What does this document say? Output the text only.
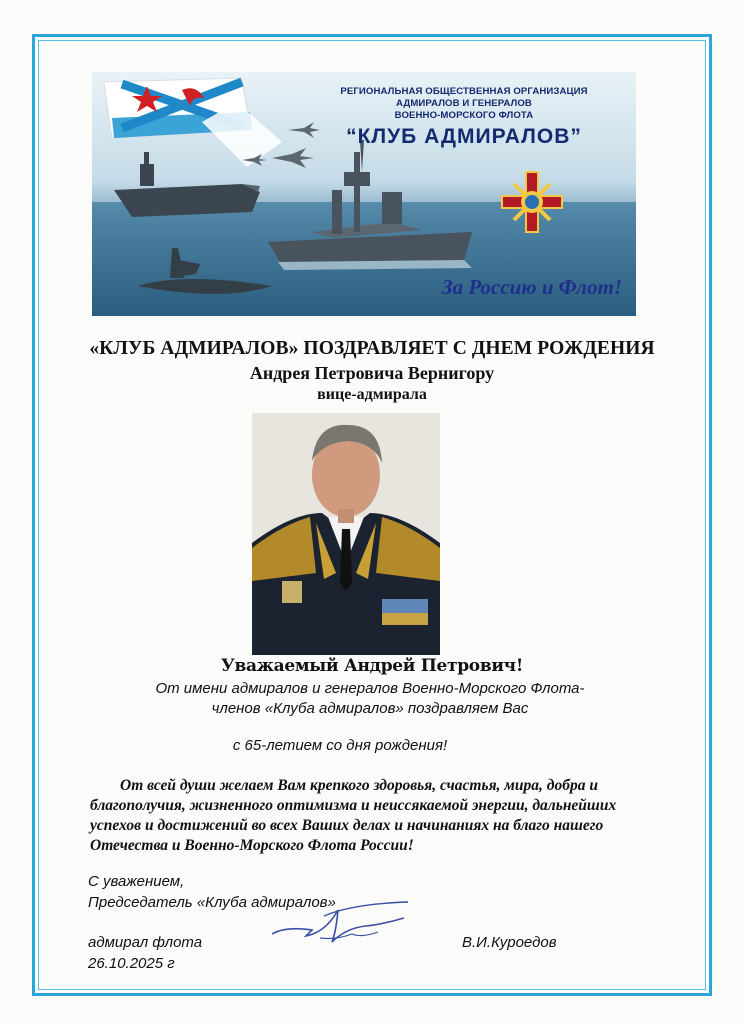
РЕГИОНАЛЬНАЯ ОБЩЕСТВЕННАЯ ОРГАНИЗАЦИЯ
АДМИРАЛОВ И ГЕНЕРАЛОВ
ВОЕННО-МОРСКОГО ФЛОТА
“КЛУБ АДМИРАЛОВ”
За Россию и Флот!
«КЛУБ АДМИРАЛОВ» ПОЗДРАВЛЯЕТ С ДНЕМ РОЖДЕНИЯ
Андрея Петровича Вернигору
вице-адмирала
Уважаемый Андрей Петрович!
От имени адмиралов и генералов Военно-Морского Флота-
членов «Клуба адмиралов» поздравляем Вас
с 65-летием со дня рождения!
От всей души желаем Вам крепкого здоровья, счастья, мира, добра и благополучия, жизненного оптимизма и неиссякаемой энергии, дальнейших успехов и достижений во всех Ваших делах и начинаниях на благо нашего Отечества и Военно-Морского Флота России!
С уважением,
Председатель «Клуба адмиралов»
адмирал флота
26.10.2025 г
В.И.Куроедов
